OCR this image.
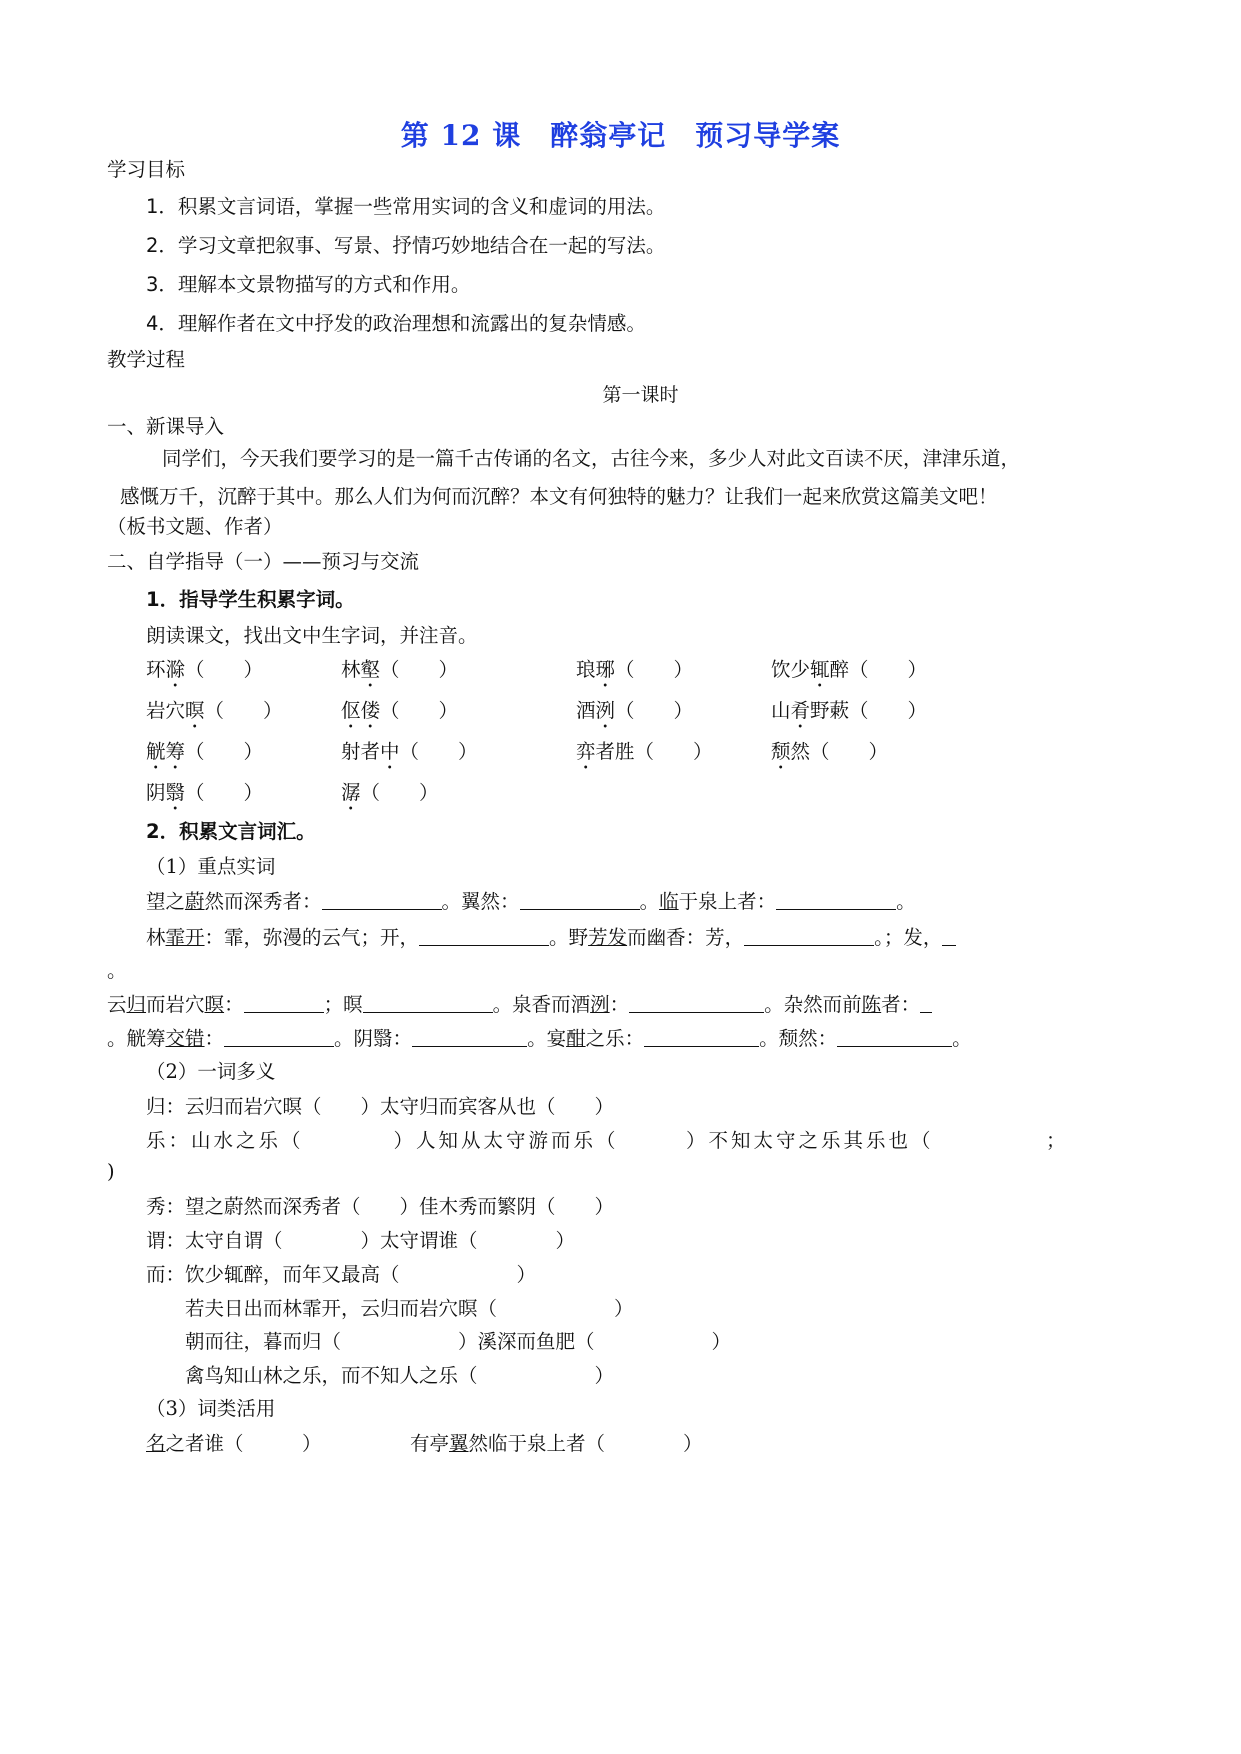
第 12 课　醉翁亭记　预习导学案
学习目标
1．积累文言词语，掌握一些常用实词的含义和虚词的用法。
2．学习文章把叙事、写景、抒情巧妙地结合在一起的写法。
3．理解本文景物描写的方式和作用。
4．理解作者在文中抒发的政治理想和流露出的复杂情感。
教学过程
第一课时
一、新课导入
同学们，今天我们要学习的是一篇千古传诵的名文，古往今来，多少人对此文百读不厌，津津乐道，
感慨万千，沉醉于其中。那么人们为何而沉醉？本文有何独特的魅力？让我们一起来欣赏这篇美文吧！
（板书文题、作者）
二、自学指导（一）——预习与交流
1．指导学生积累字词。
朗读课文，找出文中生字词，并注音。
环滁（　　）	林壑（　　）	琅琊（　　）	饮少辄醉（　　）
岩穴暝（　　）	伛偻（　　）	酒洌（　　）	山肴野蔌（　　）
觥筹（　　）	射者中（　　）	弈者胜（　　）	颓然（　　）
阴翳（　　）	潺（　　）
2．积累文言词汇。
（1）重点实词
望之蔚然而深秀者：	。翼然：	。临于泉上者：	。
林霏开：霏，弥漫的云气；开，	。野芳发而幽香：芳，	。；发，
。
云归而岩穴暝：	；暝	。泉香而酒洌：	。杂然而前陈者：
。觥筹交错：	。阴翳：	。宴酣之乐：	。颓然：	。
（2）一词多义
归：云归而岩穴暝（　　）太守归而宾客从也（　　）
乐：山水之乐（　　　　）人知从太守游而乐（　　　）不知太守之乐其乐也（　　　　　；
)
秀：望之蔚然而深秀者（　　）佳木秀而繁阴（　　）
谓：太守自谓（　　　　）太守谓谁（　　　　）
而：饮少辄醉，而年又最高（　　　　　　）
若夫日出而林霏开，云归而岩穴暝（　　　　　　）
朝而往，暮而归（　　　　　　）溪深而鱼肥（　　　　　　）
禽鸟知山林之乐，而不知人之乐（　　　　　　）
（3）词类活用
名之者谁（　　　）	有亭翼然临于泉上者（　　　　）
